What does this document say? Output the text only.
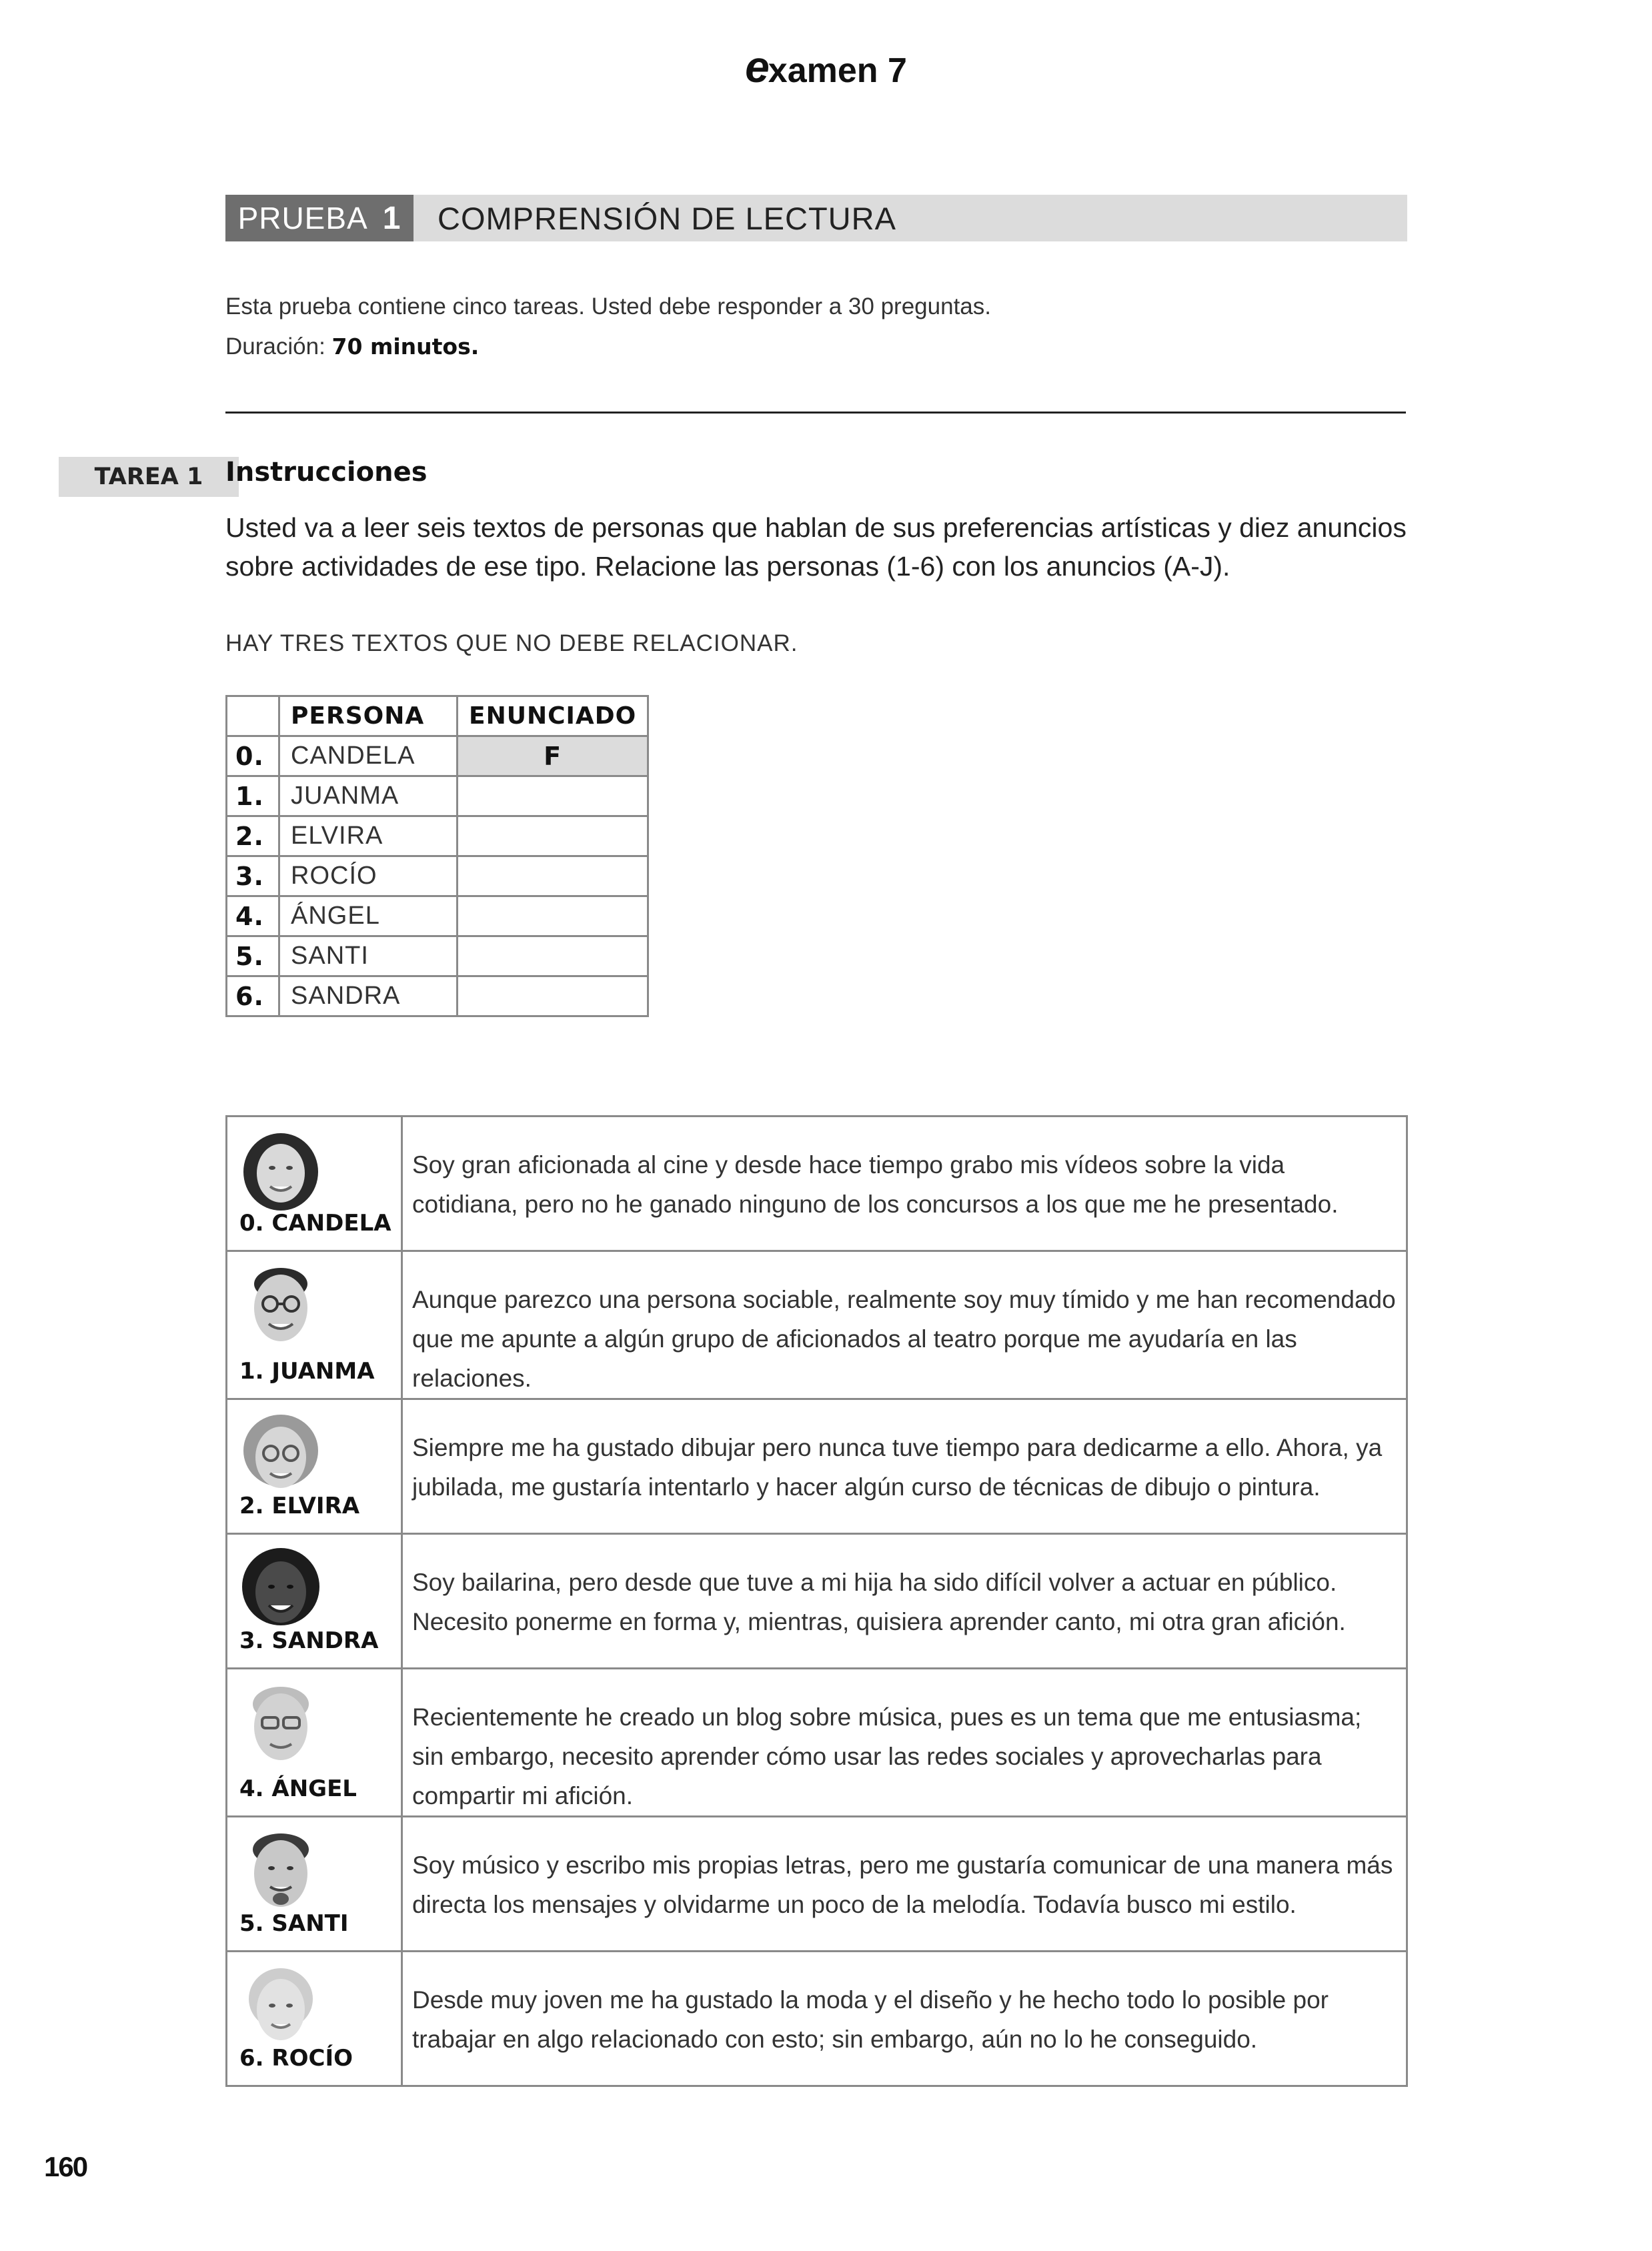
examen 7
PRUEBA 1 COMPRENSIÓN DE LECTURA
Esta prueba contiene cinco tareas. Usted debe responder a 30 preguntas.
Duración: 70 minutos.
TAREA 1 Instrucciones
Usted va a leer seis textos de personas que hablan de sus preferencias artísticas y diez anuncios sobre actividades de ese tipo. Relacione las personas (1-6) con los anuncios (A-J).
HAY TRES TEXTOS QUE NO DEBE RELACIONAR.
	PERSONA	ENUNCIADO
0.	CANDELA	F
1.	JUANMA	
2.	ELVIRA	
3.	ROCÍO	
4.	ÁNGEL	
5.	SANTI	
6.	SANDRA	
0. CANDELA	Soy gran aficionada al cine y desde hace tiempo grabo mis vídeos sobre la vida cotidiana, pero no he ganado ninguno de los concursos a los que me he presentado.

1. JUANMA	Aunque parezco una persona sociable, realmente soy muy tímido y me han recomendado que me apunte a algún grupo de aficionados al teatro porque me ayudaría en las relaciones.

2. ELVIRA	Siempre me ha gustado dibujar pero nunca tuve tiempo para dedicarme a ello. Ahora, ya jubilada, me gustaría intentarlo y hacer algún curso de técnicas de dibujo o pintura.

3. SANDRA	Soy bailarina, pero desde que tuve a mi hija ha sido difícil volver a actuar en público. Necesito ponerme en forma y, mientras, quisiera aprender canto, mi otra gran afición.

4. ÁNGEL	Recientemente he creado un blog sobre música, pues es un tema que me entusiasma; sin embargo, necesito aprender cómo usar las redes sociales y aprovecharlas para compartir mi afición.

5. SANTI	Soy músico y escribo mis propias letras, pero me gustaría comunicar de una manera más directa los mensajes y olvidarme un poco de la melodía. Todavía busco mi estilo.

6. ROCÍO	Desde muy joven me ha gustado la moda y el diseño y he hecho todo lo posible por trabajar en algo relacionado con esto; sin embargo, aún no lo he conseguido.
160
